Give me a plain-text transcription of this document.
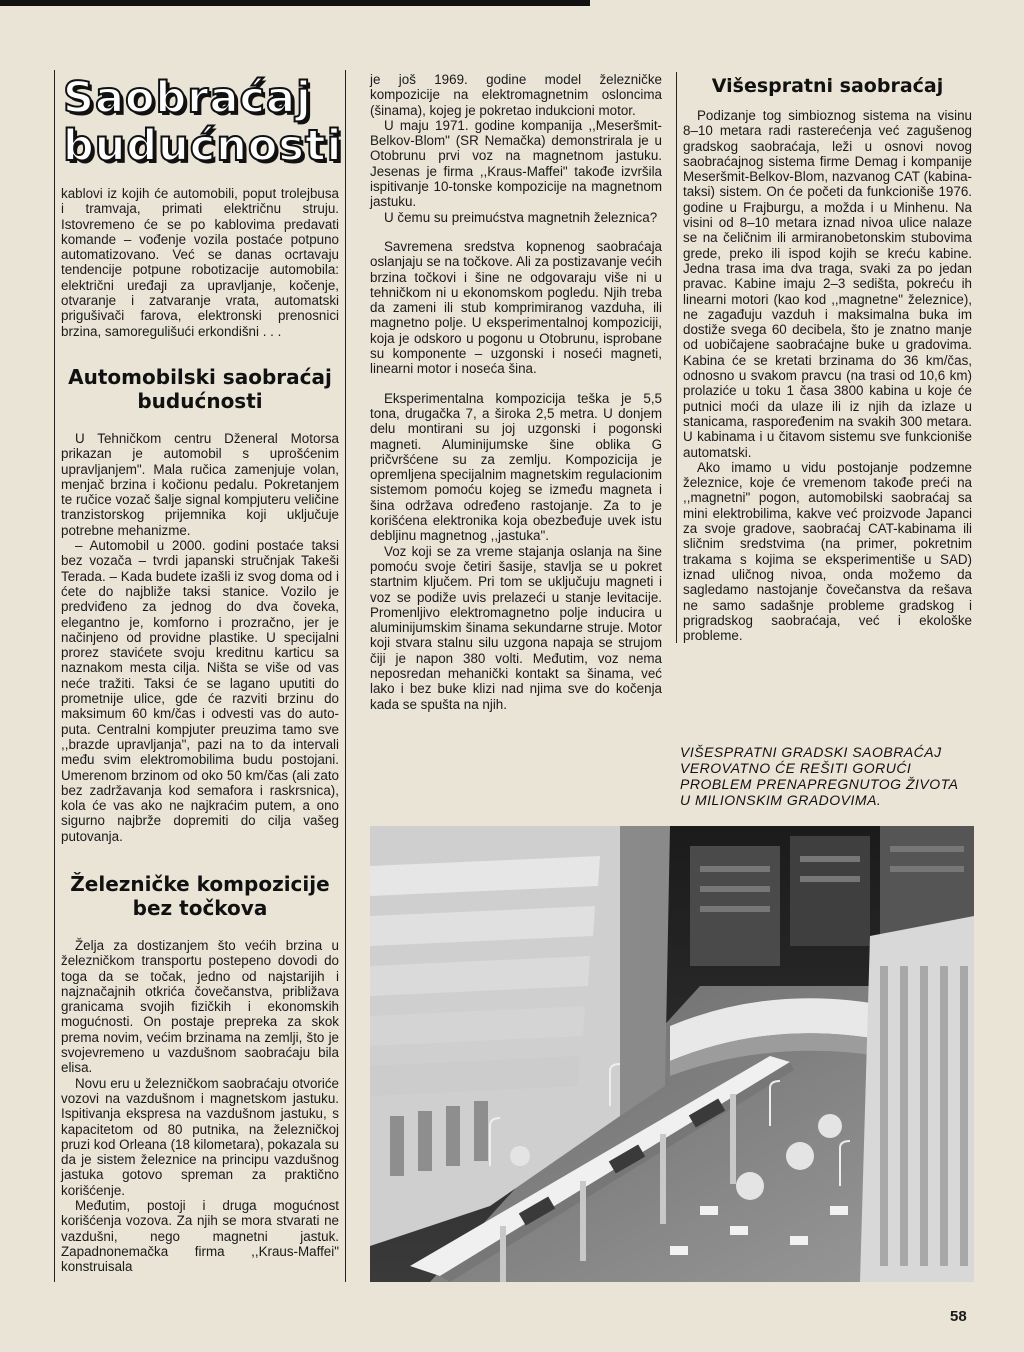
Saobraćaj
budućnosti

kablovi iz kojih će automobili, poput trolejbusa i tramvaja, primati električnu struju. Istovremeno će se po kablovima predavati komande – vođenje vozila postaće potpuno automatizovano. Već se danas ocrtavaju tendencije potpune robotizacije automobila: električni uređaji za upravljanje, kočenje, otvaranje i zatvaranje vrata, automatski prigušivači farova, elektronski prenosnici brzina, samoregulišući erkondišni . . .

Automobilski saobraćaj budućnosti

U Tehničkom centru Dženeral Motorsa prikazan je automobil s uprošćenim upravljanjem". Mala ručica zamenjuje volan, menjač brzina i kočionu pedalu. Pokretanjem te ručice vozač šalje signal kompjuteru veličine tranzistorskog prijemnika koji uključuje potrebne mehanizme.

– Automobil u 2000. godini postaće taksi bez vozača – tvrdi japanski stručnjak Takeši Terada. – Kada budete izašli iz svog doma od i ćete do najbliže taksi stanice. Vozilo je predviđeno za jednog do dva čoveka, elegantno je, komforno i prozračno, jer je načinjeno od providne plastike. U specijalni prorez stavićete svoju kreditnu karticu sa naznakom mesta cilja. Ništa se više od vas neće tražiti. Taksi će se lagano uputiti do prometnije ulice, gde će razviti brzinu do maksimum 60 km/čas i odvesti vas do auto-puta. Centralni kompjuter preuzima tamo sve ,,brazde upravljanja", pazi na to da intervali među svim elektromobilima budu postojani. Umerenom brzinom od oko 50 km/čas (ali zato bez zadržavanja kod semafora i raskrsnica), kola će vas ako ne najkraćim putem, a ono sigurno najbrže dopremiti do cilja vašeg putovanja.

Železničke kompozicije bez točkova

Želja za dostizanjem što većih brzina u železničkom transportu postepeno dovodi do toga da se točak, jedno od najstarijih i najznačajnih otkrića čovečanstva, približava granicama svojih fizičkih i ekonomskih mogućnosti. On postaje prepreka za skok prema novim, većim brzinama na zemlji, što je svojevremeno u vazdušnom saobraćaju bila elisa.

Novu eru u železničkom saobraćaju otvoriće vozovi na vazdušnom i magnetskom jastuku. Ispitivanja ekspresa na vazdušnom jastuku, s kapacitetom od 80 putnika, na železničkoj pruzi kod Orleana (18 kilometara), pokazala su da je sistem železnice na principu vazdušnog jastuka gotovo spreman za praktično korišćenje.

Međutim, postoji i druga mogućnost korišćenja vozova. Za njih se mora stvarati ne vazdušni, nego magnetni jastuk. Zapadnonemačka firma ,,Kraus-Maffei" konstruisala

je još 1969. godine model železničke kompozicije na elektromagnetnim osloncima (šinama), kojeg je pokretao indukcioni motor.

U maju 1971. godine kompanija ,,Meseršmit-Belkov-Blom" (SR Nemačka) demonstrirala je u Otobrunu prvi voz na magnetnom jastuku. Jesenas je firma ,,Kraus-Maffei" takođe izvršila ispitivanje 10-tonske kompozicije na magnetnom jastuku.

U čemu su preimućstva magnetnih železnica?

Savremena sredstva kopnenog saobraćaja oslanjaju se na točkove. Ali za postizavanje većih brzina točkovi i šine ne odgovaraju više ni u tehničkom ni u ekonomskom pogledu. Njih treba da zameni ili stub komprimiranog vazduha, ili magnetno polje. U eksperimentalnoj kompoziciji, koja je odskoro u pogonu u Otobrunu, isprobane su komponente – uzgonski i noseći magneti, linearni motor i noseća šina.

Eksperimentalna kompozicija teška je 5,5 tona, drugačka 7, a široka 2,5 metra. U donjem delu montirani su joj uzgonski i pogonski magneti. Aluminijumske šine oblika G pričvršćene su za zemlju. Kompozicija je opremljena specijalnim magnetskim regulacionim sistemom pomoću kojeg se između magneta i šina održava određeno rastojanje. Za to je korišćena elektronika koja obezbeđuje uvek istu debljinu magnetnog ,,jastuka".

Voz koji se za vreme stajanja oslanja na šine pomoću svoje četiri šasije, stavlja se u pokret startnim ključem. Pri tom se uključuju magneti i voz se podiže uvis prelazeći u stanje levitacije. Promenljivo elektromagnetno polje inducira u aluminijumskim šinama sekundarne struje. Motor koji stvara stalnu silu uzgona napaja se strujom čiji je napon 380 volti. Međutim, voz nema neposredan mehanički kontakt sa šinama, već lako i bez buke klizi nad njima sve do kočenja kada se spušta na njih.

Višespratni saobraćaj

Podizanje tog simbioznog sistema na visinu 8–10 metara radi rasterećenja već zagušenog gradskog saobraćaja, leži u osnovi novog saobraćajnog sistema firme Demag i kompanije Meseršmit-Belkov-Blom, nazvanog CAT (kabina-taksi) sistem. On će početi da funkcioniše 1976. godine u Frajburgu, a možda i u Minhenu. Na visini od 8–10 metara iznad nivoa ulice nalaze se na čeličnim ili armiranobetonskim stubovima grede, preko ili ispod kojih se kreću kabine. Jedna trasa ima dva traga, svaki za po jedan pravac. Kabine imaju 2–3 sedišta, pokreću ih linearni motori (kao kod ,,magnetne" železnice), ne zagađuju vazduh i maksimalna buka im dostiže svega 60 decibela, što je znatno manje od uobičajene saobraćajne buke u gradovima. Kabina će se kretati brzinama do 36 km/čas, odnosno u svakom pravcu (na trasi od 10,6 km) prolaziće u toku 1 časa 3800 kabina u koje će putnici moći da ulaze ili iz njih da izlaze u stanicama, raspoređenim na svakih 300 metara. U kabinama i u čitavom sistemu sve funkcioniše automatski.

Ako imamo u vidu postojanje podzemne železnice, koje će vremenom takođe preći na ,,magnetni" pogon, automobilski saobraćaj sa mini elektrobilima, kakve već proizvode Japanci za svoje gradove, saobraćaj CAT-kabinama ili sličnim sredstvima (na primer, pokretnim trakama s kojima se eksperimentiše u SAD) iznad uličnog nivoa, onda možemo da sagledamo nastojanje čovečanstva da rešava ne samo sadašnje probleme gradskog i prigradskog saobraćaja, već i ekološke probleme.

VIŠESPRATNI GRADSKI SAOBRAĆAJ VEROVATNO ĆE REŠITI GORUĆI PROBLEM PRENAPREGNUTOG ŽIVOTA U MILIONSKIM GRADOVIMA.
58
